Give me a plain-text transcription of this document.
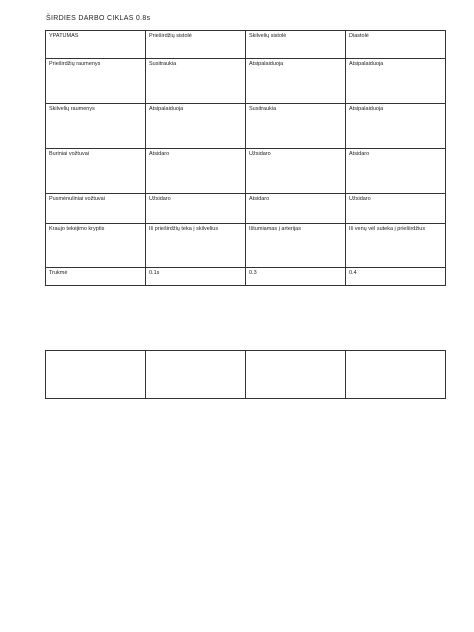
ŠIRDIES DARBO CIKLAS 0.8s
YPATUMAS	Prieširdžių sistolė	Skilvelių sistolė	Diastolė
Prieširdžių raumenys	Susitraukia	Atsipalaiduoja	Atsipalaiduoja
Skilvelių raumenys	Atsipalaiduoja	Susitraukia	Atsipalaiduoja
Buriniai vožtuvai	Atsidaro	Užsidaro	Atsidaro
Pusmėnuliniai vožtuvai	Užsidaro	Atsidaro	Užsidaro
Kraujo tekėjimo kryptis	Iš prieširdžių teka į skilvelius	Ištumiamas į arterijas	Iš venų vėl suteka į prieširdžius
Trukmė	0.1s	0.3	0.4
